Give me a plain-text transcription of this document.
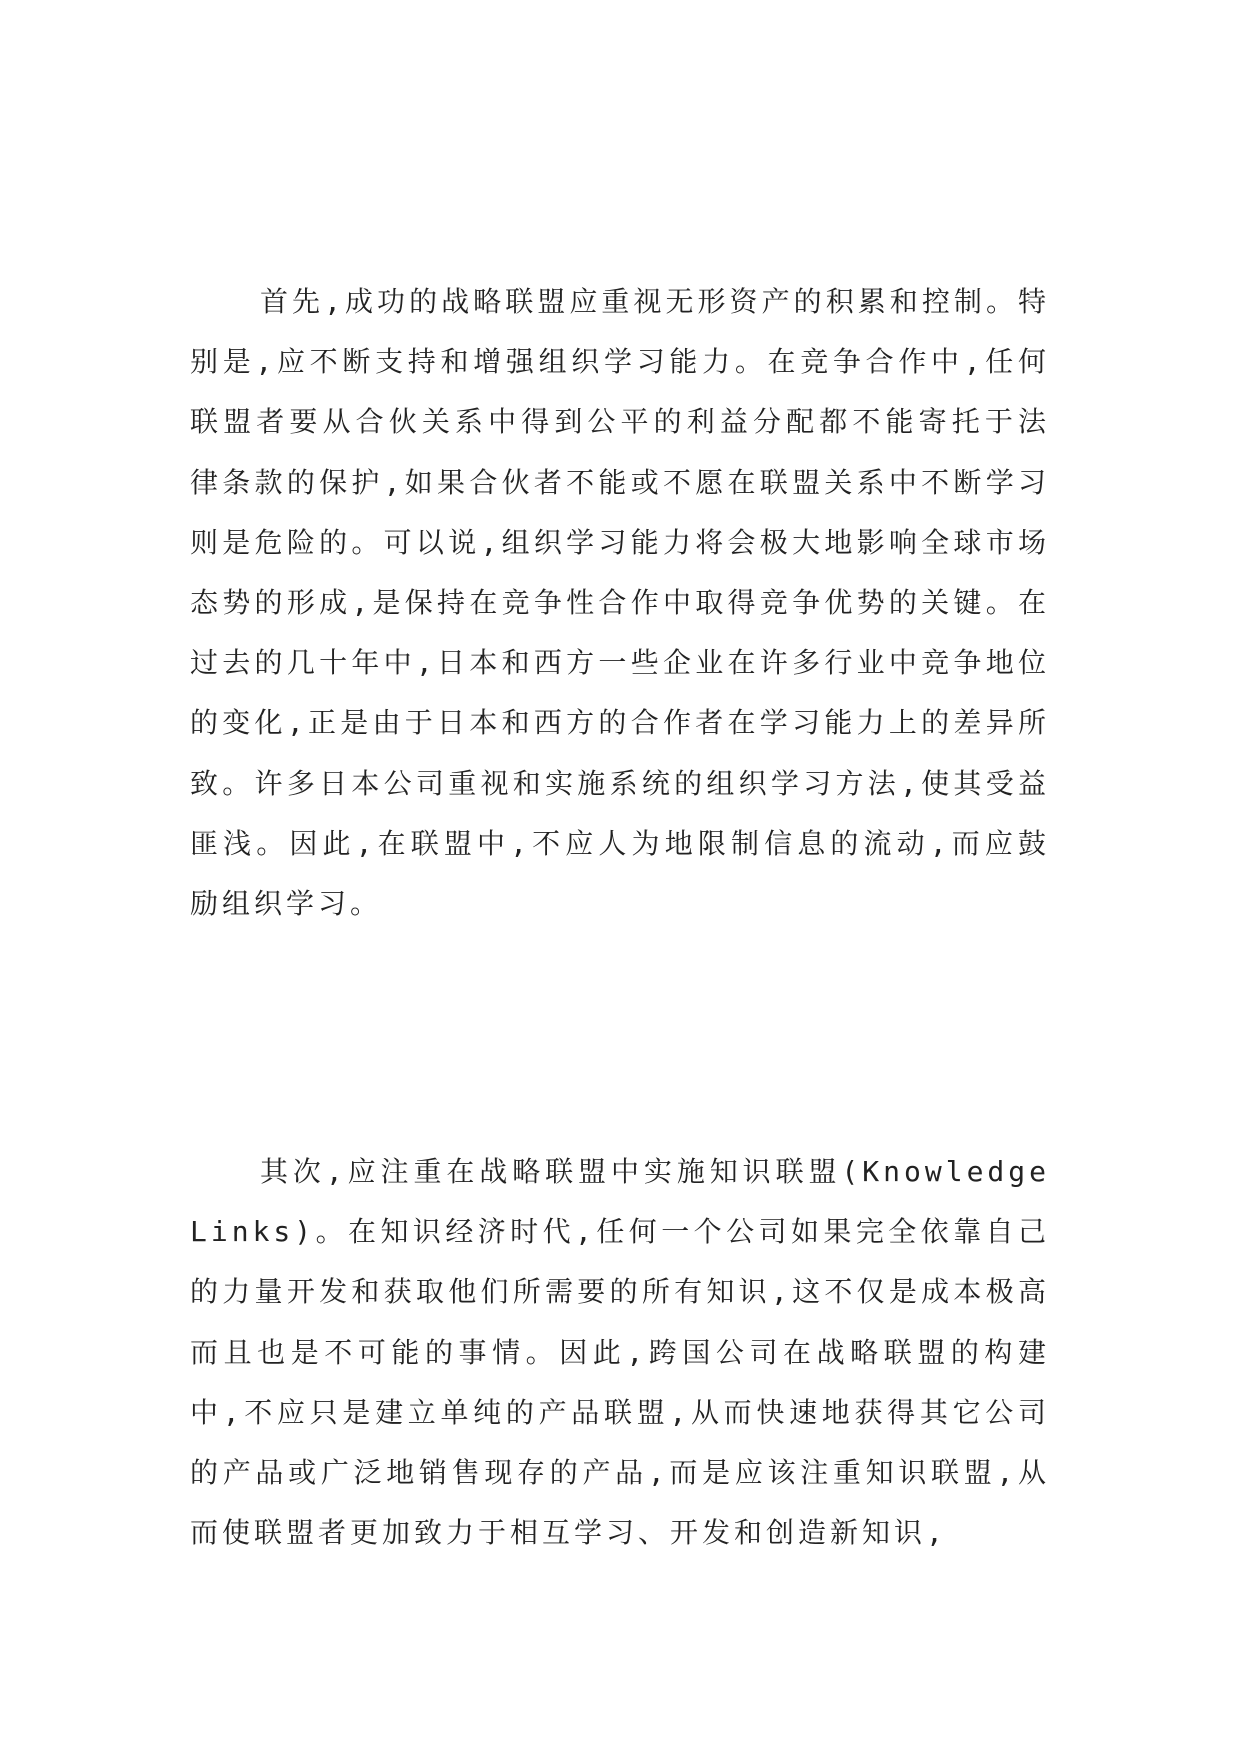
首先,成功的战略联盟应重视无形资产的积累和控制。特别是,应不断支持和增强组织学习能力。在竞争合作中,任何联盟者要从合伙关系中得到公平的利益分配都不能寄托于法律条款的保护,如果合伙者不能或不愿在联盟关系中不断学习则是危险的。可以说,组织学习能力将会极大地影响全球市场态势的形成,是保持在竞争性合作中取得竞争优势的关键。在过去的几十年中,日本和西方一些企业在许多行业中竞争地位的变化,正是由于日本和西方的合作者在学习能力上的差异所致。许多日本公司重视和实施系统的组织学习方法,使其受益匪浅。因此,在联盟中,不应人为地限制信息的流动,而应鼓励组织学习。

其次,应注重在战略联盟中实施知识联盟(Knowledge Links)。在知识经济时代,任何一个公司如果完全依靠自己的力量开发和获取他们所需要的所有知识,这不仅是成本极高而且也是不可能的事情。因此,跨国公司在战略联盟的构建中,不应只是建立单纯的产品联盟,从而快速地获得其它公司的产品或广泛地销售现存的产品,而是应该注重知识联盟,从而使联盟者更加致力于相互学习、开发和创造新知识,
